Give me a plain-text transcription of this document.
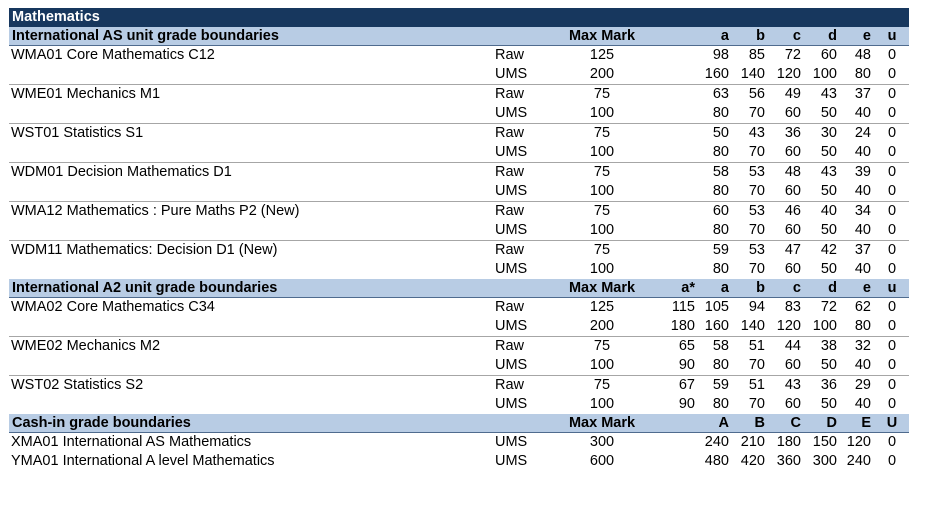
Mathematics									
International AS unit grade boundaries		Max Mark		a	b	c	d	e	u
WMA01 Core Mathematics C12	Raw	125		98	85	72	60	48	0
	UMS	200		160	140	120	100	80	0
WME01 Mechanics M1	Raw	75		63	56	49	43	37	0
	UMS	100		80	70	60	50	40	0
WST01 Statistics S1	Raw	75		50	43	36	30	24	0
	UMS	100		80	70	60	50	40	0
WDM01 Decision Mathematics D1	Raw	75		58	53	48	43	39	0
	UMS	100		80	70	60	50	40	0
WMA12 Mathematics : Pure Maths P2 (New)	Raw	75		60	53	46	40	34	0
	UMS	100		80	70	60	50	40	0
WDM11 Mathematics: Decision D1 (New)	Raw	75		59	53	47	42	37	0
	UMS	100		80	70	60	50	40	0
International A2 unit grade boundaries		Max Mark	a*	a	b	c	d	e	u
WMA02 Core Mathematics C34	Raw	125	115	105	94	83	72	62	0
	UMS	200	180	160	140	120	100	80	0
WME02 Mechanics M2	Raw	75	65	58	51	44	38	32	0
	UMS	100	90	80	70	60	50	40	0
WST02 Statistics S2	Raw	75	67	59	51	43	36	29	0
	UMS	100	90	80	70	60	50	40	0
Cash-in grade boundaries		Max Mark		A	B	C	D	E	U
XMA01 International AS Mathematics	UMS	300		240	210	180	150	120	0
YMA01 International A level Mathematics	UMS	600		480	420	360	300	240	0
